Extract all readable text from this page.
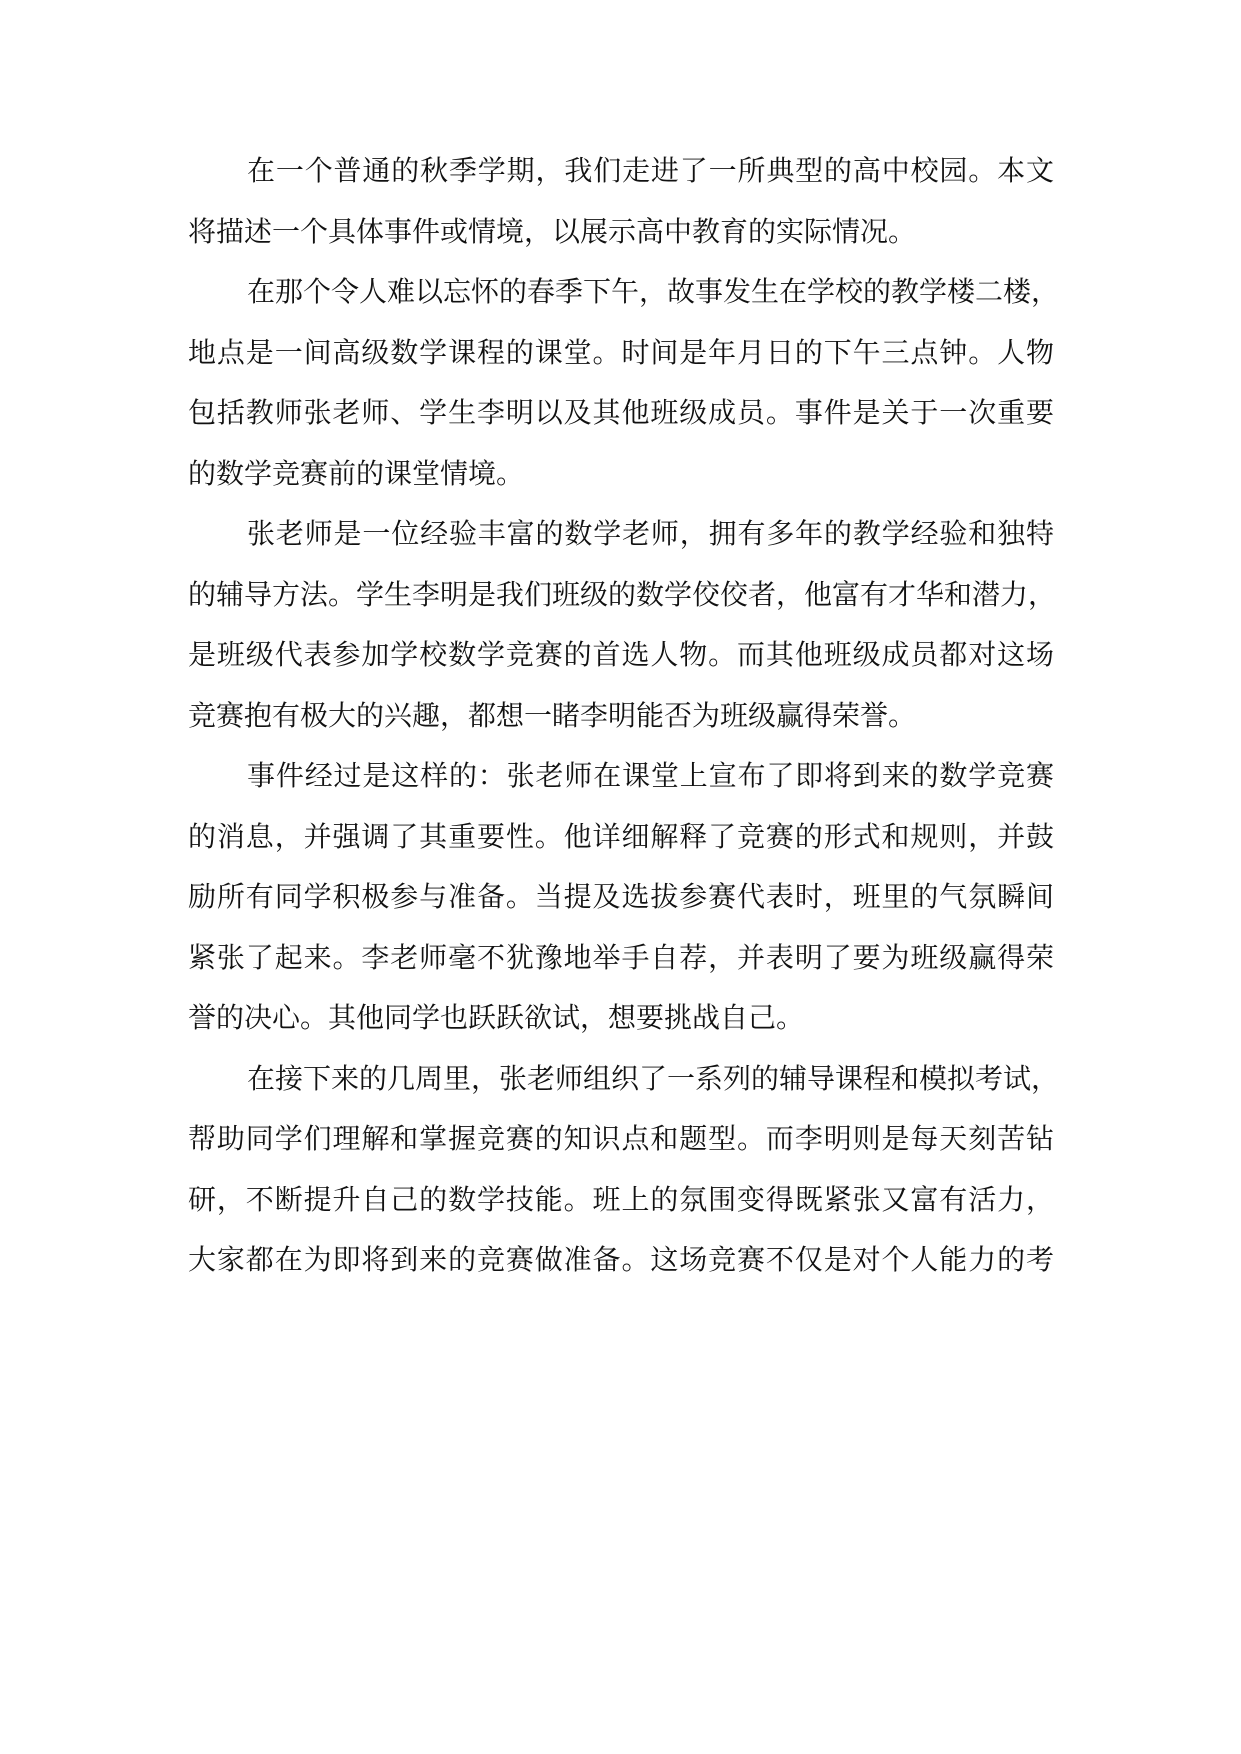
在一个普通的秋季学期，我们走进了一所典型的高中校园。本文
将描述一个具体事件或情境，以展示高中教育的实际情况。
在那个令人难以忘怀的春季下午，故事发生在学校的教学楼二楼，
地点是一间高级数学课程的课堂。时间是年月日的下午三点钟。人物
包括教师张老师、学生李明以及其他班级成员。事件是关于一次重要
的数学竞赛前的课堂情境。
张老师是一位经验丰富的数学老师，拥有多年的教学经验和独特
的辅导方法。学生李明是我们班级的数学佼佼者，他富有才华和潜力，
是班级代表参加学校数学竞赛的首选人物。而其他班级成员都对这场
竞赛抱有极大的兴趣，都想一睹李明能否为班级赢得荣誉。
事件经过是这样的：张老师在课堂上宣布了即将到来的数学竞赛
的消息，并强调了其重要性。他详细解释了竞赛的形式和规则，并鼓
励所有同学积极参与准备。当提及选拔参赛代表时，班里的气氛瞬间
紧张了起来。李老师毫不犹豫地举手自荐，并表明了要为班级赢得荣
誉的决心。其他同学也跃跃欲试，想要挑战自己。
在接下来的几周里，张老师组织了一系列的辅导课程和模拟考试，
帮助同学们理解和掌握竞赛的知识点和题型。而李明则是每天刻苦钻
研，不断提升自己的数学技能。班上的氛围变得既紧张又富有活力，
大家都在为即将到来的竞赛做准备。这场竞赛不仅是对个人能力的考
